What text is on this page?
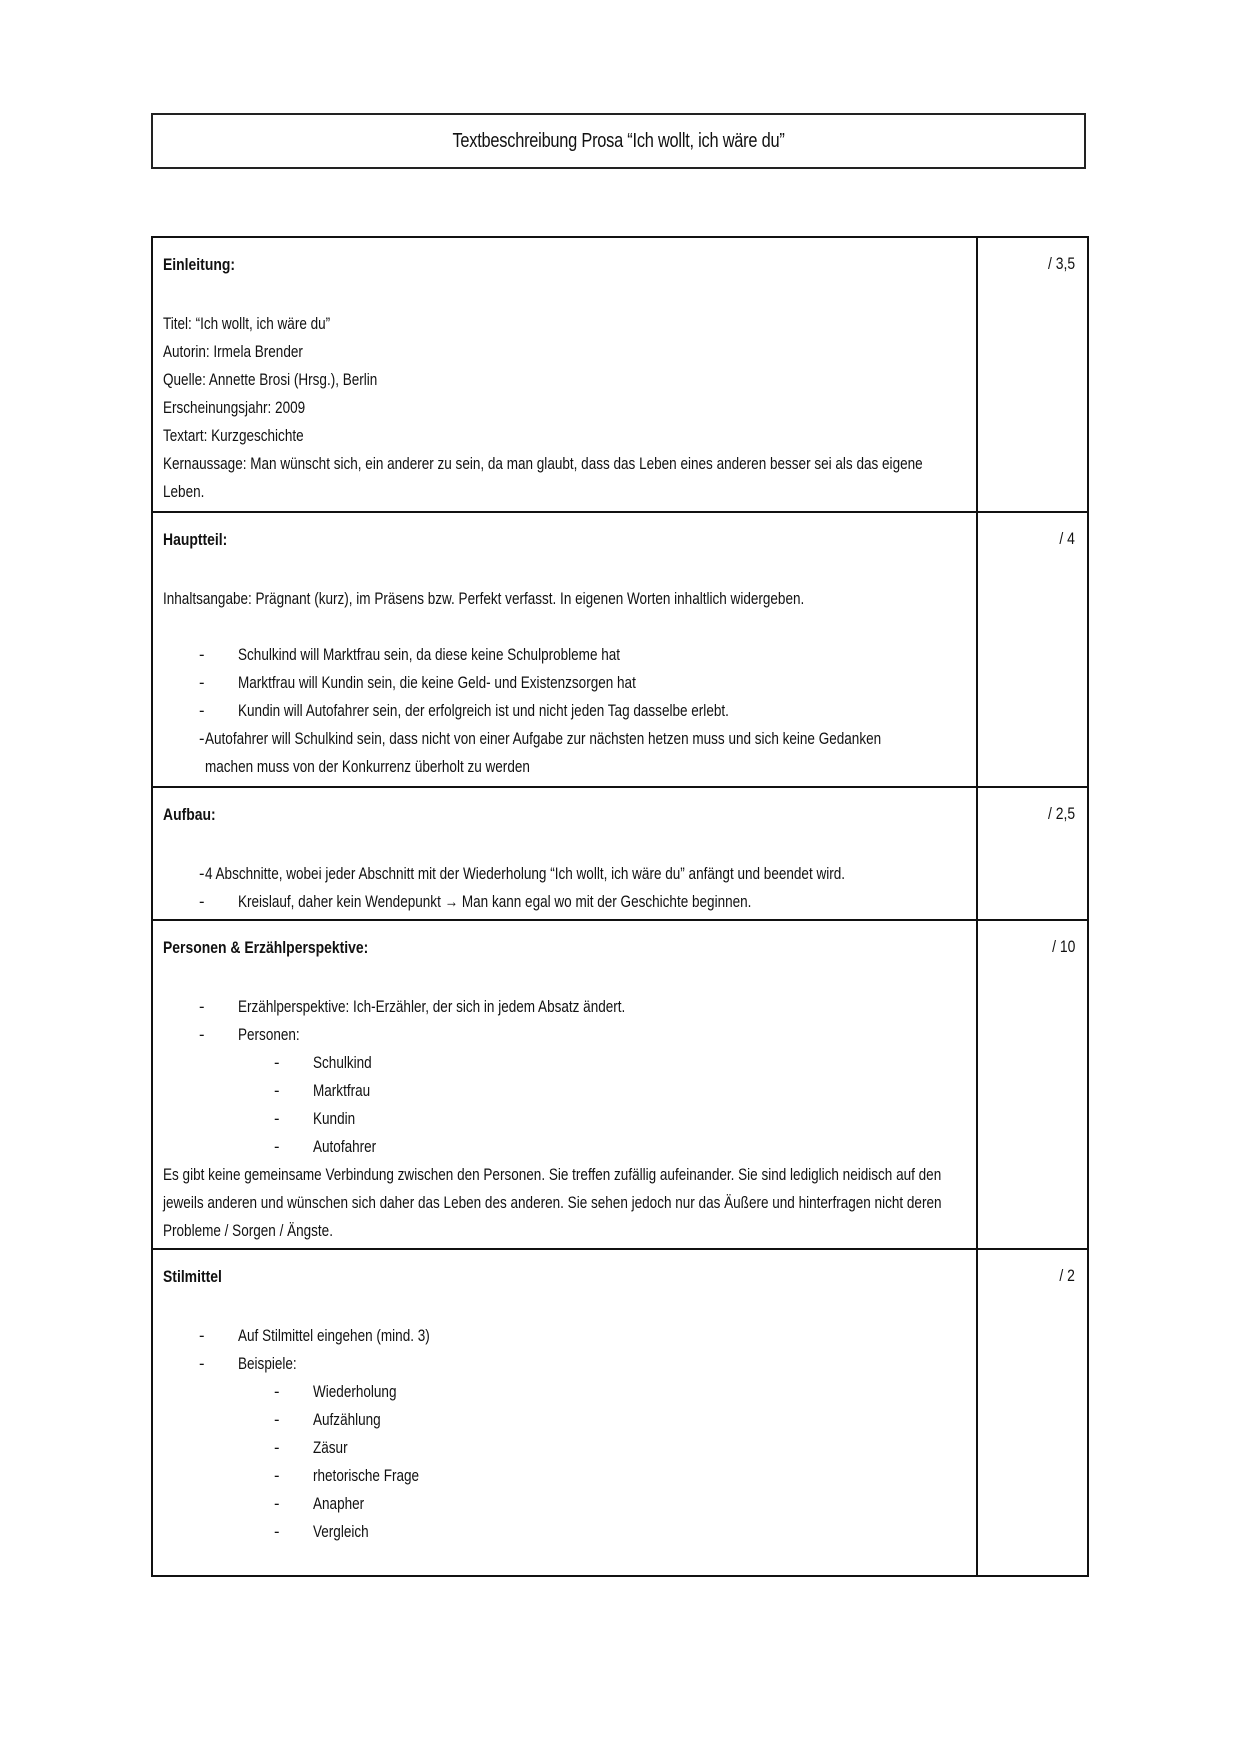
Textbeschreibung Prosa “Ich wollt, ich wäre du”
Einleitung:
Titel: “Ich wollt, ich wäre du”
Autorin: Irmela Brender
Quelle: Annette Brosi (Hrsg.), Berlin
Erscheinungsjahr: 2009
Textart: Kurzgeschichte
Kernaussage: Man wünscht sich, ein anderer zu sein, da man glaubt, dass das Leben eines anderen besser sei als das eigene Leben.
/ 3,5
Hauptteil:
Inhaltsangabe: Prägnant (kurz), im Präsens bzw. Perfekt verfasst. In eigenen Worten inhaltlich widergeben.
-	Schulkind will Marktfrau sein, da diese keine Schulprobleme hat
-	Marktfrau will Kundin sein, die keine Geld- und Existenzsorgen hat
-	Kundin will Autofahrer sein, der erfolgreich ist und nicht jeden Tag dasselbe erlebt.
- Autofahrer will Schulkind sein, dass nicht von einer Aufgabe zur nächsten hetzen muss und sich keine Gedanken machen muss von der Konkurrenz überholt zu werden
/ 4
Aufbau:
- 4 Abschnitte, wobei jeder Abschnitt mit der Wiederholung “Ich wollt, ich wäre du” anfängt und beendet wird.
-	Kreislauf, daher kein Wendepunkt → Man kann egal wo mit der Geschichte beginnen.
/ 2,5
Personen & Erzählperspektive:
-	Erzählperspektive: Ich-Erzähler, der sich in jedem Absatz ändert.
-	Personen:
-	Schulkind
-	Marktfrau
-	Kundin
-	Autofahrer
Es gibt keine gemeinsame Verbindung zwischen den Personen. Sie treffen zufällig aufeinander. Sie sind lediglich neidisch auf den jeweils anderen und wünschen sich daher das Leben des anderen. Sie sehen jedoch nur das Äußere und hinterfragen nicht deren Probleme / Sorgen / Ängste.
/ 10
Stilmittel
-	Auf Stilmittel eingehen (mind. 3)
-	Beispiele:
-	Wiederholung
-	Aufzählung
-	Zäsur
-	rhetorische Frage
-	Anapher
-	Vergleich
/ 2
